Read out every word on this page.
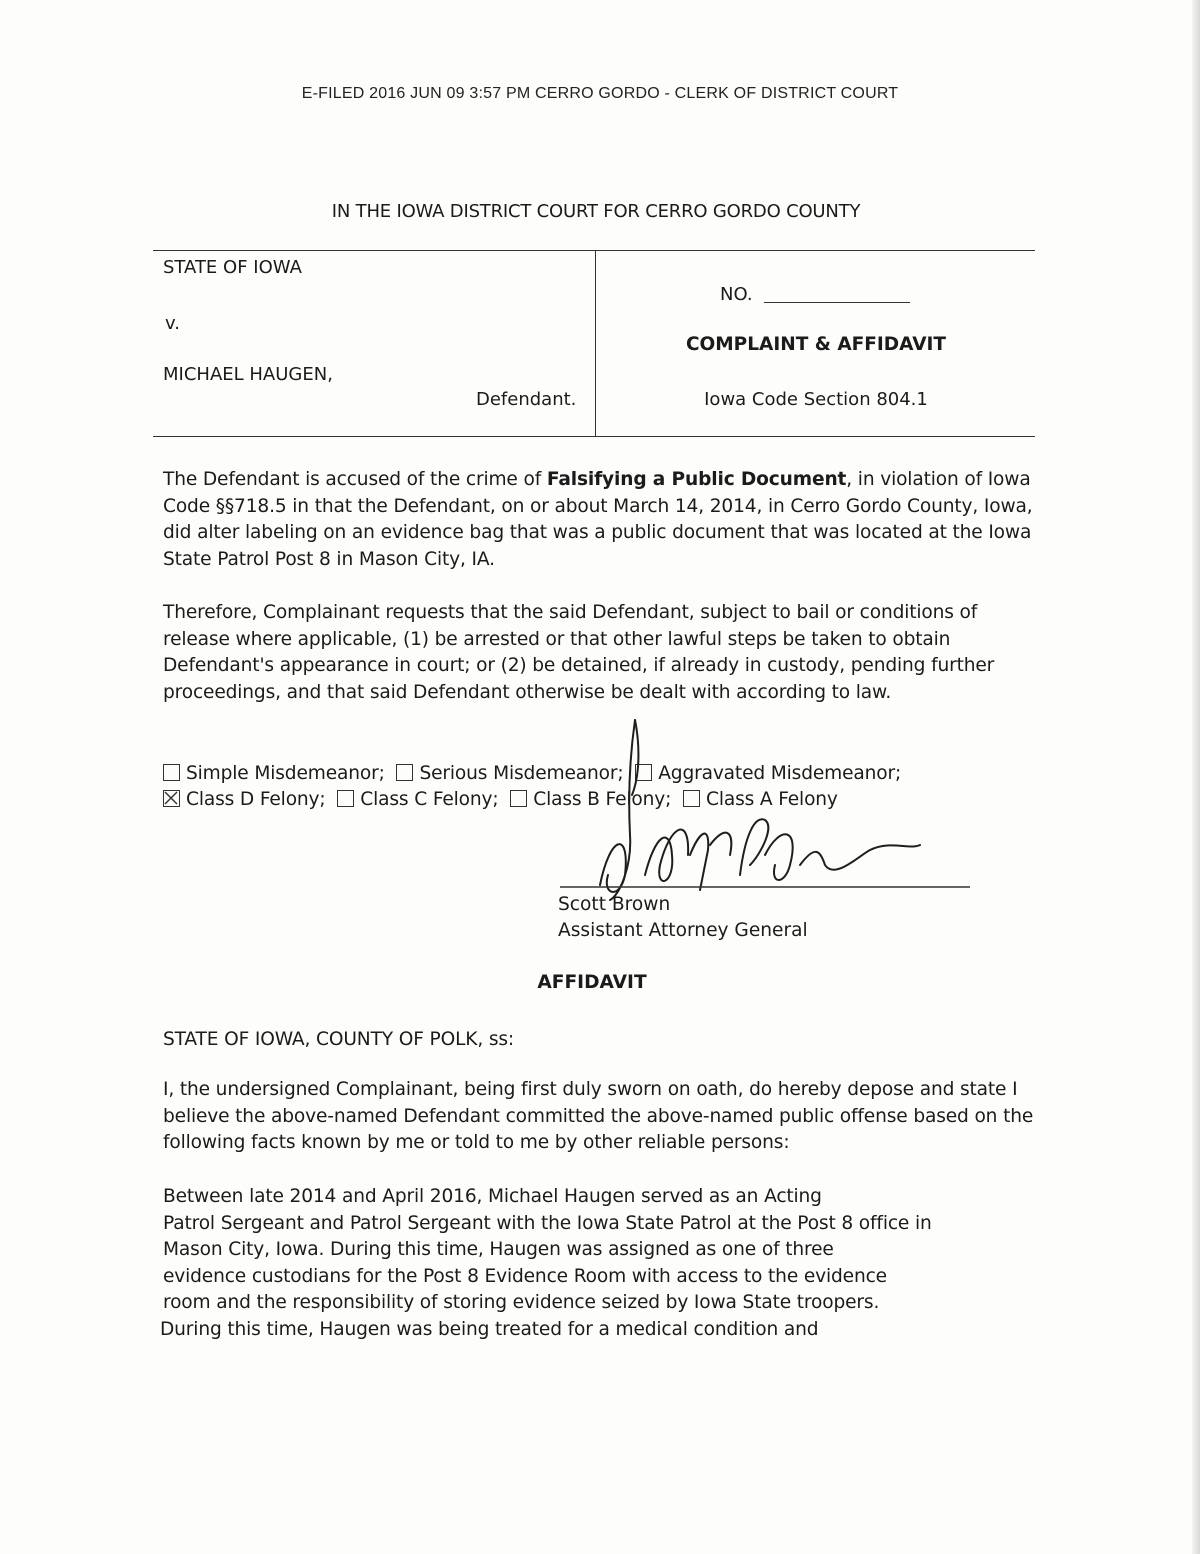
E-FILED 2016 JUN 09 3:57 PM CERRO GORDO - CLERK OF DISTRICT COURT
IN THE IOWA DISTRICT COURT FOR CERRO GORDO COUNTY
STATE OF IOWA
v.
MICHAEL HAUGEN,
Defendant.
NO.
COMPLAINT & AFFIDAVIT
Iowa Code Section 804.1

The Defendant is accused of the crime of Falsifying a Public Document, in violation of Iowa Code §§718.5 in that the Defendant, on or about March 14, 2014, in Cerro Gordo County, Iowa, did alter labeling on an evidence bag that was a public document that was located at the Iowa State Patrol Post 8 in Mason City, IA.

Therefore, Complainant requests that the said Defendant, subject to bail or conditions of release where applicable, (1) be arrested or that other lawful steps be taken to obtain Defendant's appearance in court; or (2) be detained, if already in custody, pending further proceedings, and that said Defendant otherwise be dealt with according to law.

Simple Misdemeanor; Serious Misdemeanor; Aggravated Misdemeanor;
Class D Felony; Class C Felony; Class B Felony; Class A Felony
Scott Brown
Assistant Attorney General
AFFIDAVIT
STATE OF IOWA, COUNTY OF POLK, ss:

I, the undersigned Complainant, being first duly sworn on oath, do hereby depose and state I believe the above-named Defendant committed the above-named public offense based on the following facts known by me or told to me by other reliable persons:

Between late 2014 and April 2016, Michael Haugen served as an Acting
Patrol Sergeant and Patrol Sergeant with the Iowa State Patrol at the Post 8 office in
Mason City, Iowa. During this time, Haugen was assigned as one of three
evidence custodians for the Post 8 Evidence Room with access to the evidence
room and the responsibility of storing evidence seized by Iowa State troopers.
During this time, Haugen was being treated for a medical condition and
